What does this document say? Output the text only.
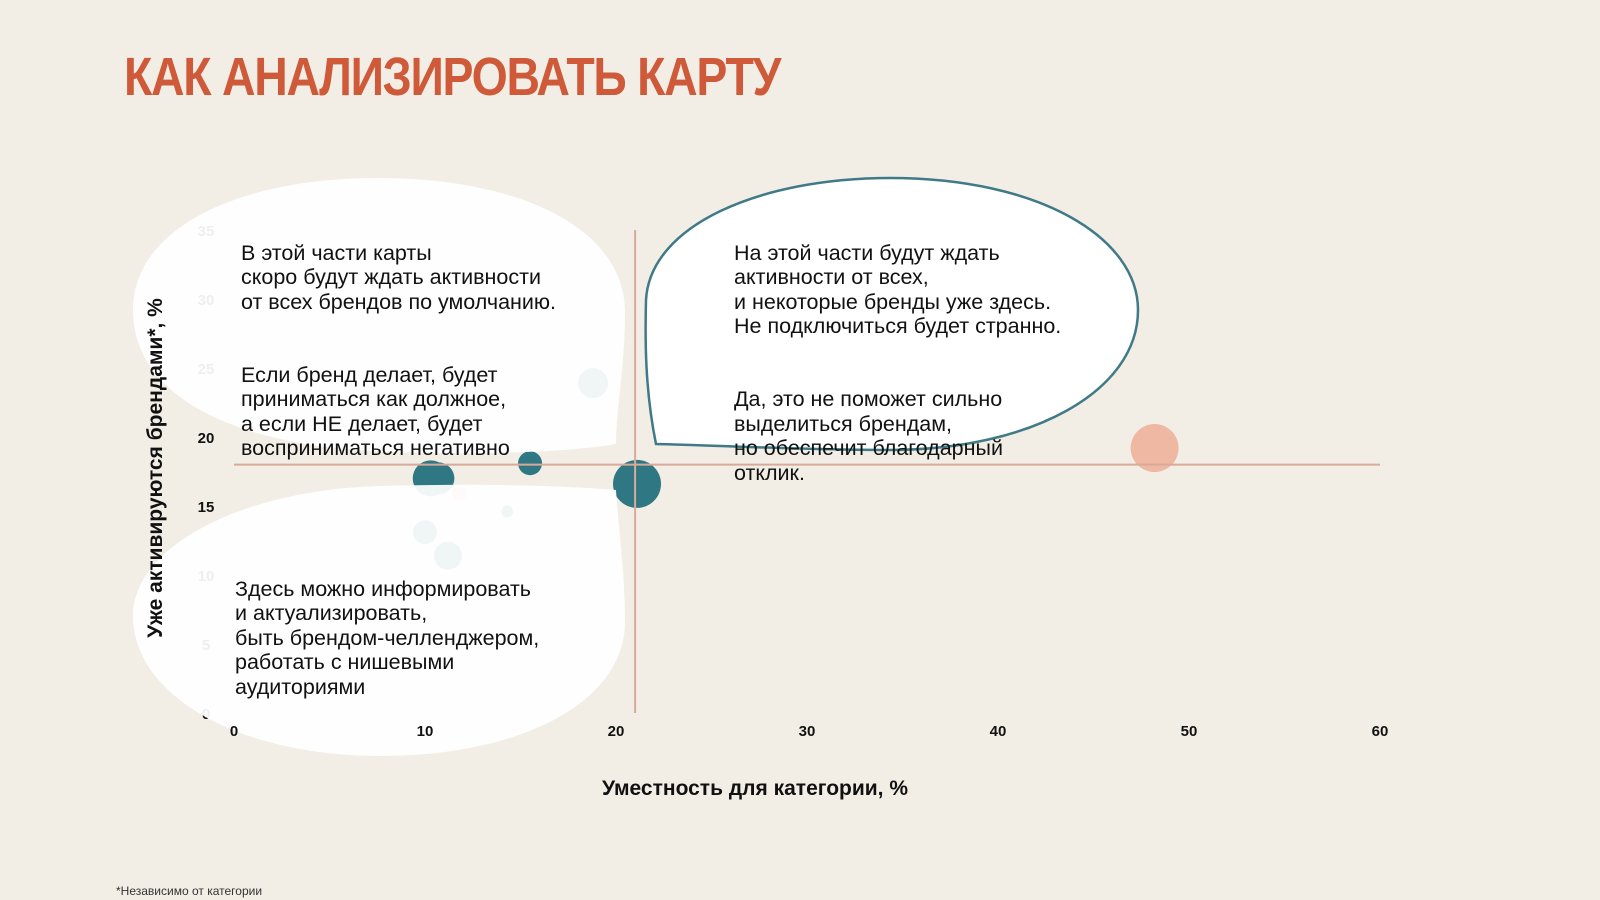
КАК АНАЛИЗИРОВАТЬ КАРТУ
15
20
0	10	20	30	40	50	60
Уместность для категории, %
Уже активируются брендами*, %

В этой части карты
скоро будут ждать активности
от всех брендов по умолчанию.

Если бренд делает, будет
приниматься как должное,
а если НЕ делает, будет
восприниматься негативно

На этой части будут ждать
активности от всех,
и некоторые бренды уже здесь.
Не подключиться будет странно.

Да, это не поможет сильно
выделиться брендам,
но обеспечит благодарный
отклик.

Здесь можно информировать
и актуализировать,
быть брендом-челленджером,
работать с нишевыми
аудиториями

*Независимо от категории
